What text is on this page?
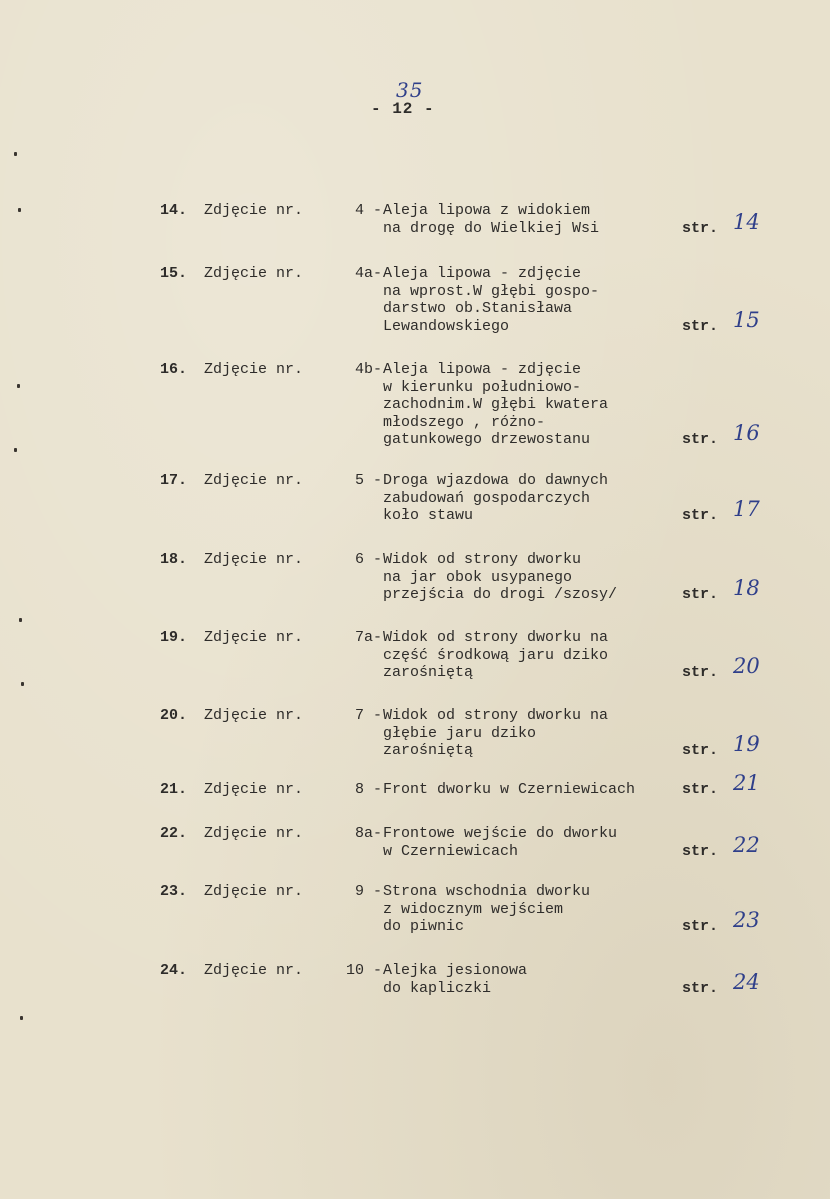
35
- 12 -
14.	Zdjęcie nr.	4 - Aleja lipowa z widokiem
na drogę do Wielkiej Wsi	str. 14
15.	Zdjęcie nr.	4a- Aleja lipowa - zdjęcie
na wprost.W głębi gospo-
darstwo ob.Stanisława
Lewandowskiego	str. 15
16.	Zdjęcie nr.	4b- Aleja lipowa - zdjęcie
w kierunku południowo-
zachodnim.W głębi kwatera
młodszego , różno-
gatunkowego drzewostanu	str. 16
17.	Zdjęcie nr.	5 - Droga wjazdowa do dawnych
zabudowań gospodarczych
koło stawu	str. 17
18.	Zdjęcie nr.	6 - Widok od strony dworku
na jar obok usypanego
przejścia do drogi /szosy/	str. 18
19.	Zdjęcie nr.	7a- Widok od strony dworku na
część środkową jaru dziko
zarośniętą	str. 20
20.	Zdjęcie nr.	7 - Widok od strony dworku na
głębie jaru dziko
zarośniętą	str. 19
21.	Zdjęcie nr.	8 - Front dworku w Czerniewicach	str. 21
22.	Zdjęcie nr.	8a- Frontowe wejście do dworku
w Czerniewicach	str. 22
23.	Zdjęcie nr.	9 - Strona wschodnia dworku
z widocznym wejściem
do piwnic	str. 23
24.	Zdjęcie nr.	10 - Alejka jesionowa
do kapliczki	str. 24
